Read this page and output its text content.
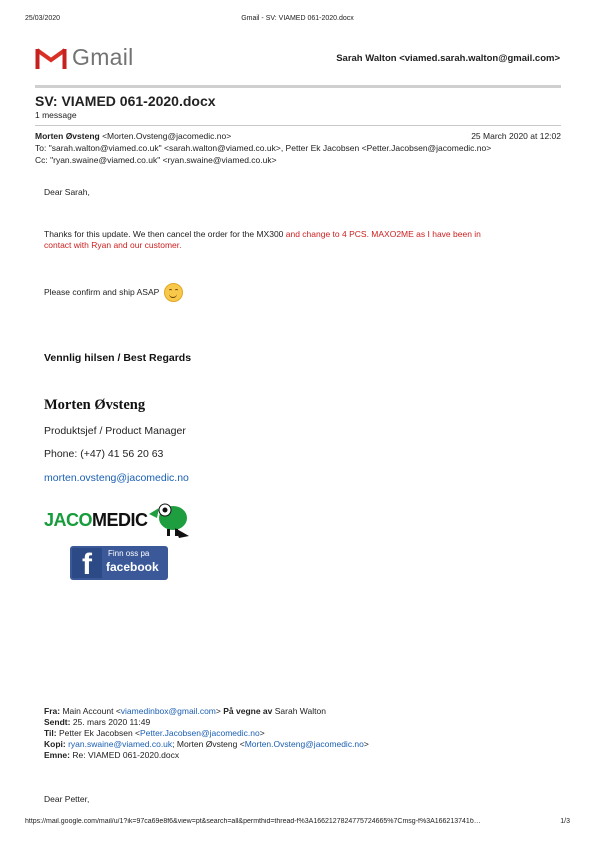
25/03/2020	Gmail - SV: VIAMED 061-2020.docx
Gmail	Sarah Walton <viamed.sarah.walton@gmail.com>
SV: VIAMED 061-2020.docx
1 message
Morten Øvsteng <Morten.Ovsteng@jacomedic.no>	25 March 2020 at 12:02
To: "sarah.walton@viamed.co.uk" <sarah.walton@viamed.co.uk>, Petter Ek Jacobsen <Petter.Jacobsen@jacomedic.no>
Cc: "ryan.swaine@viamed.co.uk" <ryan.swaine@viamed.co.uk>
Dear Sarah,
Thanks for this update. We then cancel the order for the MX300 and change to 4 PCS. MAXO2ME as I have been in
contact with Ryan and our customer.
Please confirm and ship ASAP
Vennlig hilsen / Best Regards
Morten Øvsteng
Produktsjef / Product Manager
Phone: (+47) 41 56 20 63
morten.ovsteng@jacomedic.no
JACOMEDIC
f	Finn oss pa
facebook
Fra: Main Account <viamedinbox@gmail.com> På vegne av Sarah Walton
Sendt: 25. mars 2020 11:49
Til: Petter Ek Jacobsen <Petter.Jacobsen@jacomedic.no>
Kopi: ryan.swaine@viamed.co.uk; Morten Øvsteng <Morten.Ovsteng@jacomedic.no>
Emne: Re: VIAMED 061-2020.docx
Dear Petter,
https://mail.google.com/mail/u/1?ik=97ca69e8f6&view=pt&search=all&permthid=thread-f%3A1662127824775724665%7Cmsg-f%3A166213741б…	1/3
